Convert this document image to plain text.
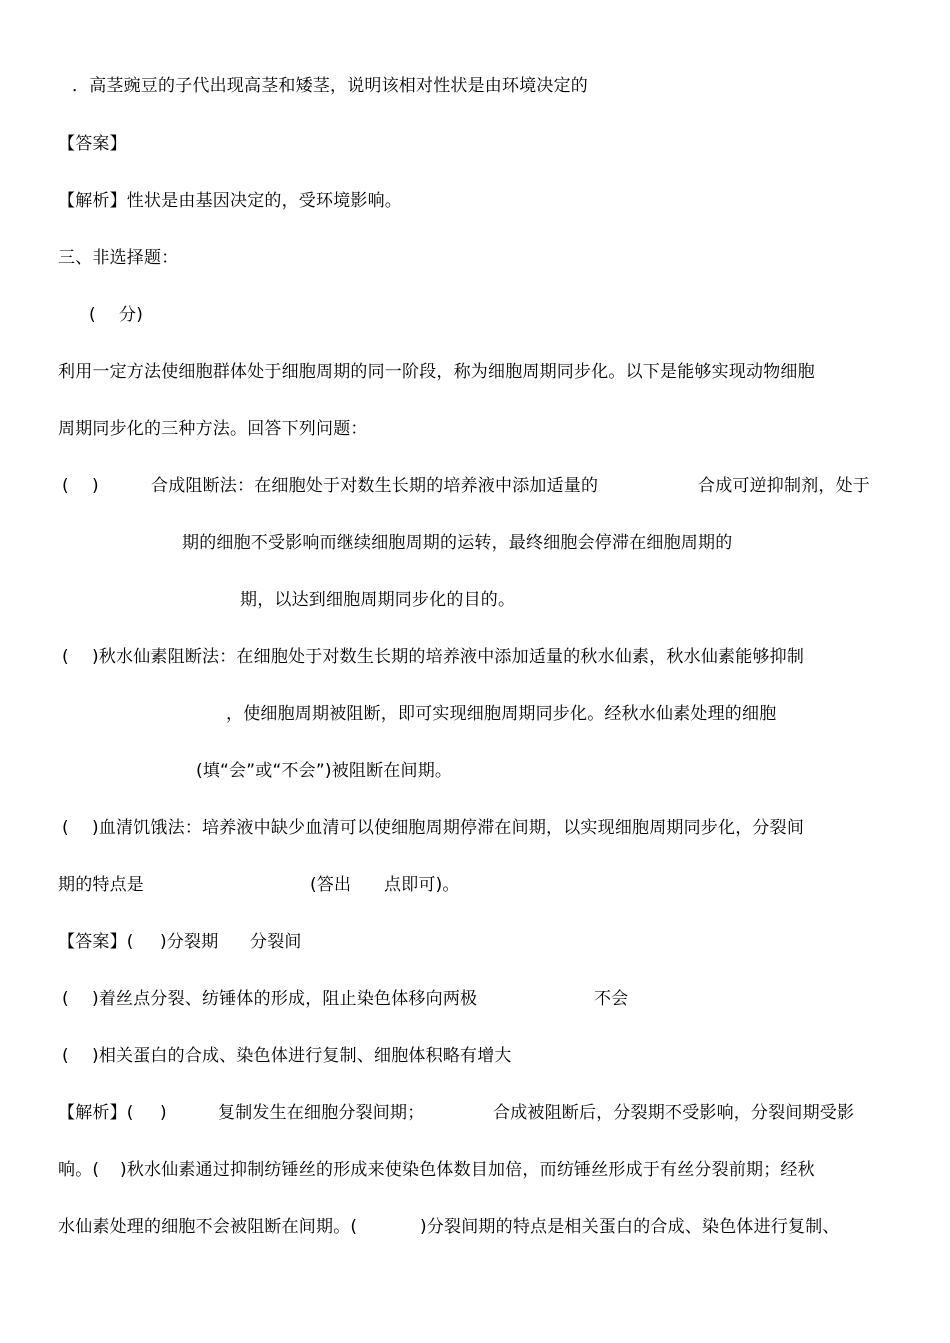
．高茎豌豆的子代出现高茎和矮茎，说明该相对性状是由环境决定的

【答案】

【解析】性状是由基因决定的，受环境影响。

三、非选择题：

(

分)

利用一定方法使细胞群体处于细胞周期的同一阶段，称为细胞周期同步化。以下是能够实现动物细胞

周期同步化的三种方法。回答下列问题：

(

)

	合成阻断法：在细胞处于对数生长期的培养液中添加适量的

	合成可逆抑制剂，处于

期的细胞不受影响而继续细胞周期的运转，最终细胞会停滞在细胞周期的

期，以达到细胞周期同步化的目的。

(

)秋水仙素阻断法：在细胞处于对数生长期的培养液中添加适量的秋水仙素，秋水仙素能够抑制

，使细胞周期被阻断，即可实现细胞周期同步化。经秋水仙素处理的细胞

(填“会”或“不会”)被阻断在间期。

(

)血清饥饿法：培养液中缺少血清可以使细胞周期停滞在间期，以实现细胞周期同步化，分裂间

期的特点是

	(答出

点即可)。

【答案】(

)分裂期

分裂间

(

)着丝点分裂、纺锤体的形成，阻止染色体移向两极

	不会

(

)相关蛋白的合成、染色体进行复制、细胞体积略有增大

【解析】(

)

	复制发生在细胞分裂间期；

	合成被阻断后，分裂期不受影响，分裂间期受影

响。(

)秋水仙素通过抑制纺锤丝的形成来使染色体数目加倍，而纺锤丝形成于有丝分裂前期；经秋

水仙素处理的细胞不会被阻断在间期。(

	)分裂间期的特点是相关蛋白的合成、染色体进行复制、
